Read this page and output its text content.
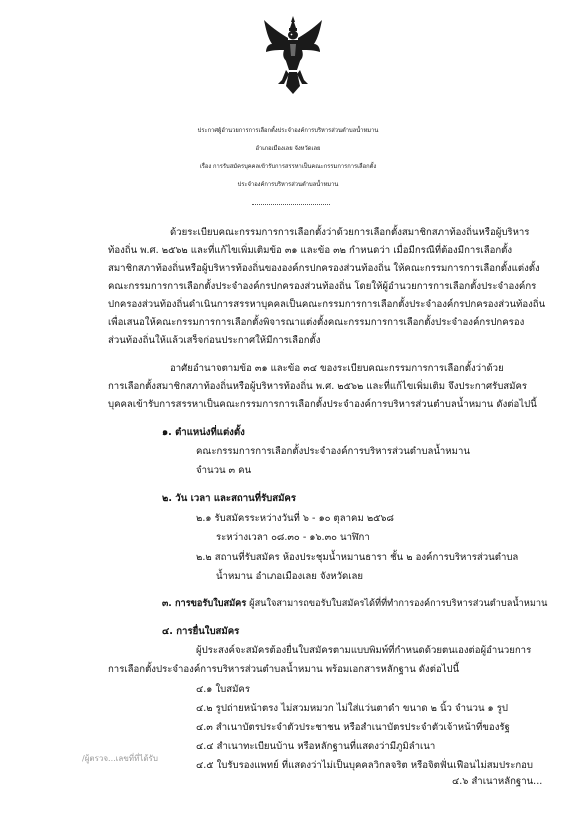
ประกาศผู้อำนวยการการเลือกตั้งประจำองค์การบริหารส่วนตำบลน้ำหมาน
อำเภอเมืองเลย จังหวัดเลย
เรื่อง การรับสมัครบุคคลเข้ารับการสรรหาเป็นคณะกรรมการการเลือกตั้ง
ประจำองค์การบริหารส่วนตำบลน้ำหมาน
ด้วยระเบียบคณะกรรมการการเลือกตั้งว่าด้วยการเลือกตั้งสมาชิกสภาท้องถิ่นหรือผู้บริหาร
ท้องถิ่น พ.ศ. ๒๕๖๒ และที่แก้ไขเพิ่มเติมข้อ ๓๑ และข้อ ๓๒ กำหนดว่า เมื่อมีกรณีที่ต้องมีการเลือกตั้ง
สมาชิกสภาท้องถิ่นหรือผู้บริหารท้องถิ่นขององค์กรปกครองส่วนท้องถิ่น ให้คณะกรรมการการเลือกตั้งแต่งตั้ง
คณะกรรมการการเลือกตั้งประจำองค์กรปกครองส่วนท้องถิ่น โดยให้ผู้อำนวยการการเลือกตั้งประจำองค์กร
ปกครองส่วนท้องถิ่นดำเนินการสรรหาบุคคลเป็นคณะกรรมการการเลือกตั้งประจำองค์กรปกครองส่วนท้องถิ่น
เพื่อเสนอให้คณะกรรมการการเลือกตั้งพิจารณาแต่งตั้งคณะกรรมการการเลือกตั้งประจำองค์กรปกครอง
ส่วนท้องถิ่นให้แล้วเสร็จก่อนประกาศให้มีการเลือกตั้ง
อาศัยอำนาจตามข้อ ๓๑ และข้อ ๓๔ ของระเบียบคณะกรรมการการเลือกตั้งว่าด้วย
การเลือกตั้งสมาชิกสภาท้องถิ่นหรือผู้บริหารท้องถิ่น พ.ศ. ๒๕๖๒ และที่แก้ไขเพิ่มเติม จึงประกาศรับสมัคร
บุคคลเข้ารับการสรรหาเป็นคณะกรรมการการเลือกตั้งประจำองค์การบริหารส่วนตำบลน้ำหมาน ดังต่อไปนี้
๑. ตำแหน่งที่แต่งตั้ง
คณะกรรมการการเลือกตั้งประจำองค์การบริหารส่วนตำบลน้ำหมาน
จำนวน ๓ คน
๒. วัน เวลา และสถานที่รับสมัคร
๒.๑ รับสมัครระหว่างวันที่ ๖ - ๑๐ ตุลาคม ๒๕๖๘
ระหว่างเวลา ๐๘.๓๐ - ๑๖.๓๐ นาฬิกา
๒.๒ สถานที่รับสมัคร ห้องประชุมน้ำหมานธารา ชั้น ๒ องค์การบริหารส่วนตำบล
น้ำหมาน อำเภอเมืองเลย จังหวัดเลย
๓. การขอรับใบสมัคร ผู้สนใจสามารถขอรับใบสมัครได้ที่ที่ทำการองค์การบริหารส่วนตำบลน้ำหมาน
๔. การยื่นใบสมัคร
ผู้ประสงค์จะสมัครต้องยื่นใบสมัครตามแบบพิมพ์ที่กำหนดด้วยตนเองต่อผู้อำนวยการ
การเลือกตั้งประจำองค์การบริหารส่วนตำบลน้ำหมาน พร้อมเอกสารหลักฐาน ดังต่อไปนี้
๔.๑ ใบสมัคร
๔.๒ รูปถ่ายหน้าตรง ไม่สวมหมวก ไม่ใส่แว่นตาดำ ขนาด ๒ นิ้ว จำนวน ๑ รูป
๔.๓ สำเนาบัตรประจำตัวประชาชน หรือสำเนาบัตรประจำตัวเจ้าหน้าที่ของรัฐ
๔.๔ สำเนาทะเบียนบ้าน หรือหลักฐานที่แสดงว่ามีภูมิลำเนา
๔.๕ ใบรับรองแพทย์ ที่แสดงว่าไม่เป็นบุคคลวิกลจริต หรือจิตฟั่นเฟือนไม่สมประกอบ
/ผู้ตรวจ...เลขที่ที่ได้รับ
๔.๖ สำเนาหลักฐาน...
